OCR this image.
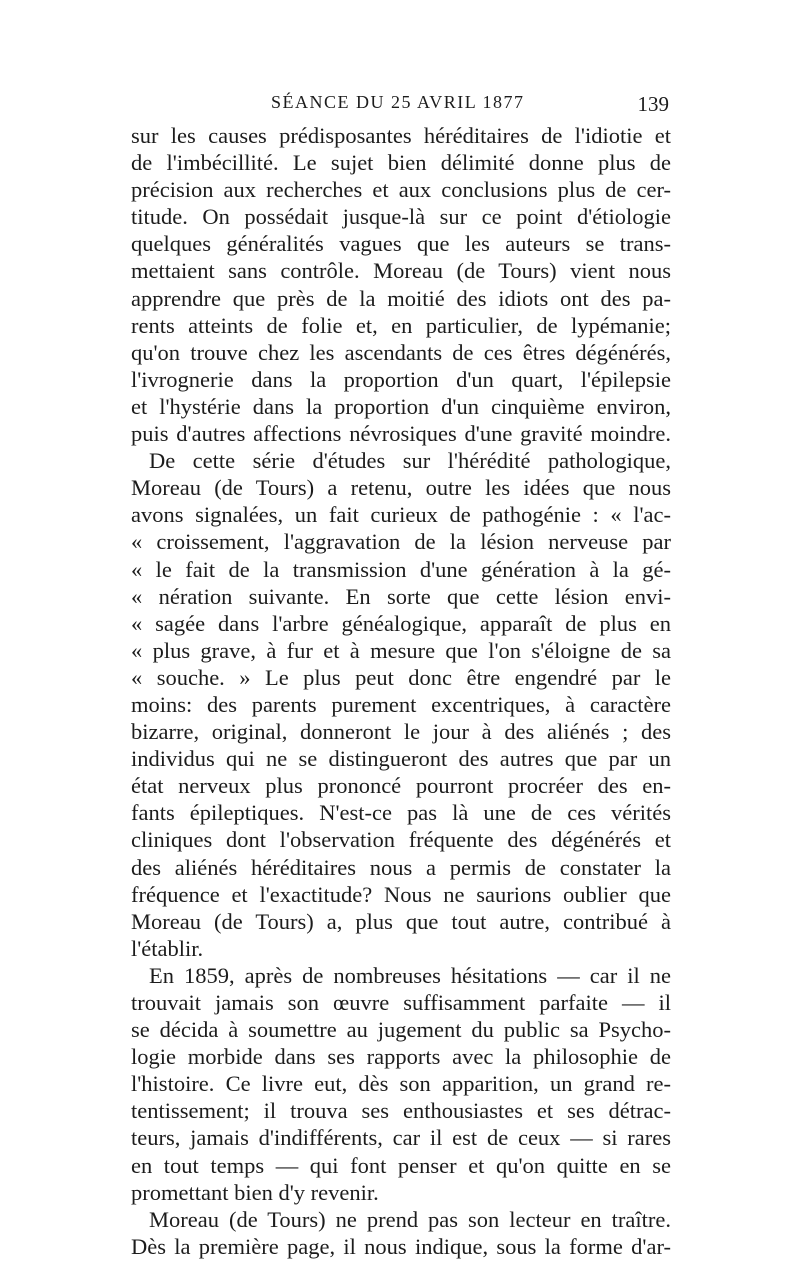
SÉANCE DU 25 AVRIL 1877	139
sur les causes prédisposantes héréditaires de l'idiotie et
de l'imbécillité. Le sujet bien délimité donne plus de
précision aux recherches et aux conclusions plus de cer-
titude. On possédait jusque-là sur ce point d'étiologie
quelques généralités vagues que les auteurs se trans-
mettaient sans contrôle. Moreau (de Tours) vient nous
apprendre que près de la moitié des idiots ont des pa-
rents atteints de folie et, en particulier, de lypémanie;
qu'on trouve chez les ascendants de ces êtres dégénérés,
l'ivrognerie dans la proportion d'un quart, l'épilepsie
et l'hystérie dans la proportion d'un cinquième environ,
puis d'autres affections névrosiques d'une gravité moindre.
De cette série d'études sur l'hérédité pathologique,
Moreau (de Tours) a retenu, outre les idées que nous
avons signalées, un fait curieux de pathogénie : « l'ac-
« croissement, l'aggravation de la lésion nerveuse par
« le fait de la transmission d'une génération à la gé-
« nération suivante. En sorte que cette lésion envi-
« sagée dans l'arbre généalogique, apparaît de plus en
« plus grave, à fur et à mesure que l'on s'éloigne de sa
« souche. » Le plus peut donc être engendré par le
moins: des parents purement excentriques, à caractère
bizarre, original, donneront le jour à des aliénés ; des
individus qui ne se distingueront des autres que par un
état nerveux plus prononcé pourront procréer des en-
fants épileptiques. N'est-ce pas là une de ces vérités
cliniques dont l'observation fréquente des dégénérés et
des aliénés héréditaires nous a permis de constater la
fréquence et l'exactitude? Nous ne saurions oublier que
Moreau (de Tours) a, plus que tout autre, contribué à
l'établir.
En 1859, après de nombreuses hésitations — car il ne
trouvait jamais son œuvre suffisamment parfaite — il
se décida à soumettre au jugement du public sa Psycho-
logie morbide dans ses rapports avec la philosophie de
l'histoire. Ce livre eut, dès son apparition, un grand re-
tentissement; il trouva ses enthousiastes et ses détrac-
teurs, jamais d'indifférents, car il est de ceux — si rares
en tout temps — qui font penser et qu'on quitte en se
promettant bien d'y revenir.
Moreau (de Tours) ne prend pas son lecteur en traître.
Dès la première page, il nous indique, sous la forme d'ar-
